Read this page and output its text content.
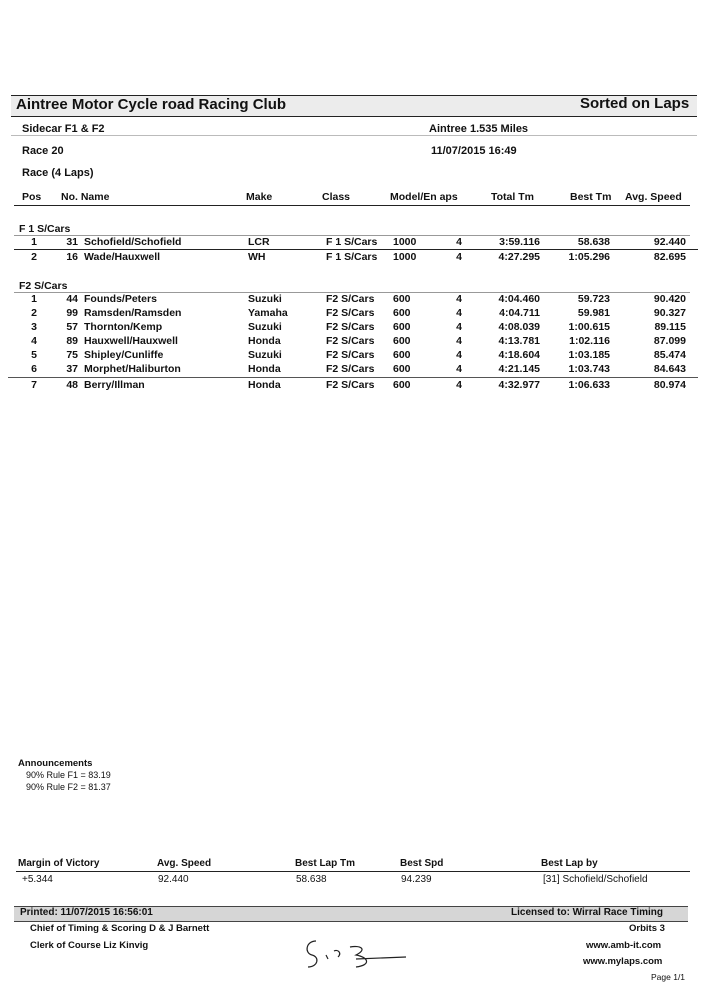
Aintree Motor Cycle road Racing Club	Sorted on Laps
Sidecar F1 & F2	Aintree 1.535 Miles
Race 20	11/07/2015 16:49
Race (4 Laps)
Pos No. Name	Make	Class	Model/En aps	Total Tm	Best Tm Avg. Speed
F 1 S/Cars
1	31 Schofield/Schofield	LCR	F 1 S/Cars 1000	4	3:59.116	58.638	92.440
2	16 Wade/Hauxwell	WH	F 1 S/Cars 1000	4	4:27.295	1:05.296	82.695
F2 S/Cars
1	44 Founds/Peters	Suzuki	F2 S/Cars 600	4	4:04.460	59.723	90.420
2	99 Ramsden/Ramsden	Yamaha	F2 S/Cars 600	4	4:04.711	59.981	90.327
3	57 Thornton/Kemp	Suzuki	F2 S/Cars 600	4	4:08.039	1:00.615	89.115
4	89 Hauxwell/Hauxwell	Honda	F2 S/Cars 600	4	4:13.781	1:02.116	87.099
5	75 Shipley/Cunliffe	Suzuki	F2 S/Cars 600	4	4:18.604	1:03.185	85.474
6	37 Morphet/Haliburton	Honda	F2 S/Cars 600	4	4:21.145	1:03.743	84.643
7	48 Berry/Illman	Honda	F2 S/Cars 600	4	4:32.977	1:06.633	80.974
Announcements
90% Rule F1 = 83.19
90% Rule F2 = 81.37
Margin of Victory	Avg. Speed	Best Lap Tm	Best Spd	Best Lap by
+5.344	92.440	58.638	94.239	[31] Schofield/Schofield
Printed: 11/07/2015 16:56:01	Licensed to: Wirral Race Timing
Chief of Timing & Scoring D & J Barnett	Orbits 3
Clerk of Course Liz Kinvig	www.amb-it.com
www.mylaps.com
Page 1/1
